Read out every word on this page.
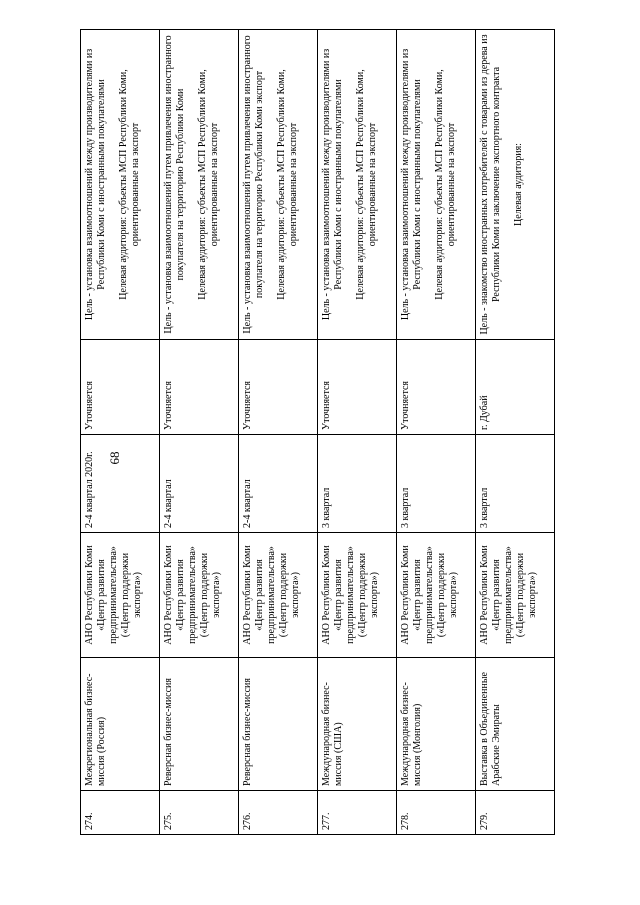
68
274.	Межрегиональная бизнес-миссия (Россия)	АНО Республики Коми «Центр развития предпринимательства» («Центр поддержки экспорта»)	2-4 квартал 2020г.	Уточняется	Цель - установка взаимоотношений между производителями из Республики Коми с иностранными покупателями Целевая аудитория: субъекты МСП Республики Коми, ориентированные на экспорт

275.	Реверсная бизнес-миссия	АНО Республики Коми «Центр развития предпринимательства» («Центр поддержки экспорта»)	2-4 квартал	Уточняется	Цель - установка взаимоотношений путем привлечения иностранного покупателя на территорию Республики Коми Целевая аудитория: субъекты МСП Республики Коми, ориентированные на экспорт

276.	Реверсная бизнес-миссия	АНО Республики Коми «Центр развития предпринимательства» («Центр поддержки экспорта»)	2-4 квартал	Уточняется	Цель - установка взаимоотношений путем привлечения иностранного покупателя на территорию Республики Коми экспорт Целевая аудитория: субъекты МСП Республики Коми, ориентированные на экспорт

277.	Международная бизнес-миссия (США)	АНО Республики Коми «Центр развития предпринимательства» («Центр поддержки экспорта»)	3 квартал	Уточняется	Цель - установка взаимоотношений между производителями из Республики Коми с иностранными покупателями Целевая аудитория: субъекты МСП Республики Коми, ориентированные на экспорт

278.	Международная бизнес-миссия (Монголия)	АНО Республики Коми «Центр развития предпринимательства» («Центр поддержки экспорта»)	3 квартал	Уточняется	Цель - установка взаимоотношений между производителями из Республики Коми с иностранными покупателями Целевая аудитория: субъекты МСП Республики Коми, ориентированные на экспорт

279.	Выставка в Объединенные Арабские Эмираты	АНО Республики Коми «Центр развития предпринимательства» («Центр поддержки экспорта»)	3 квартал	г. Дубай	Цель - знакомство иностранных потребителей с товарами из дерева из Республики Коми и заключение экспортного контракта Целевая аудитория:
